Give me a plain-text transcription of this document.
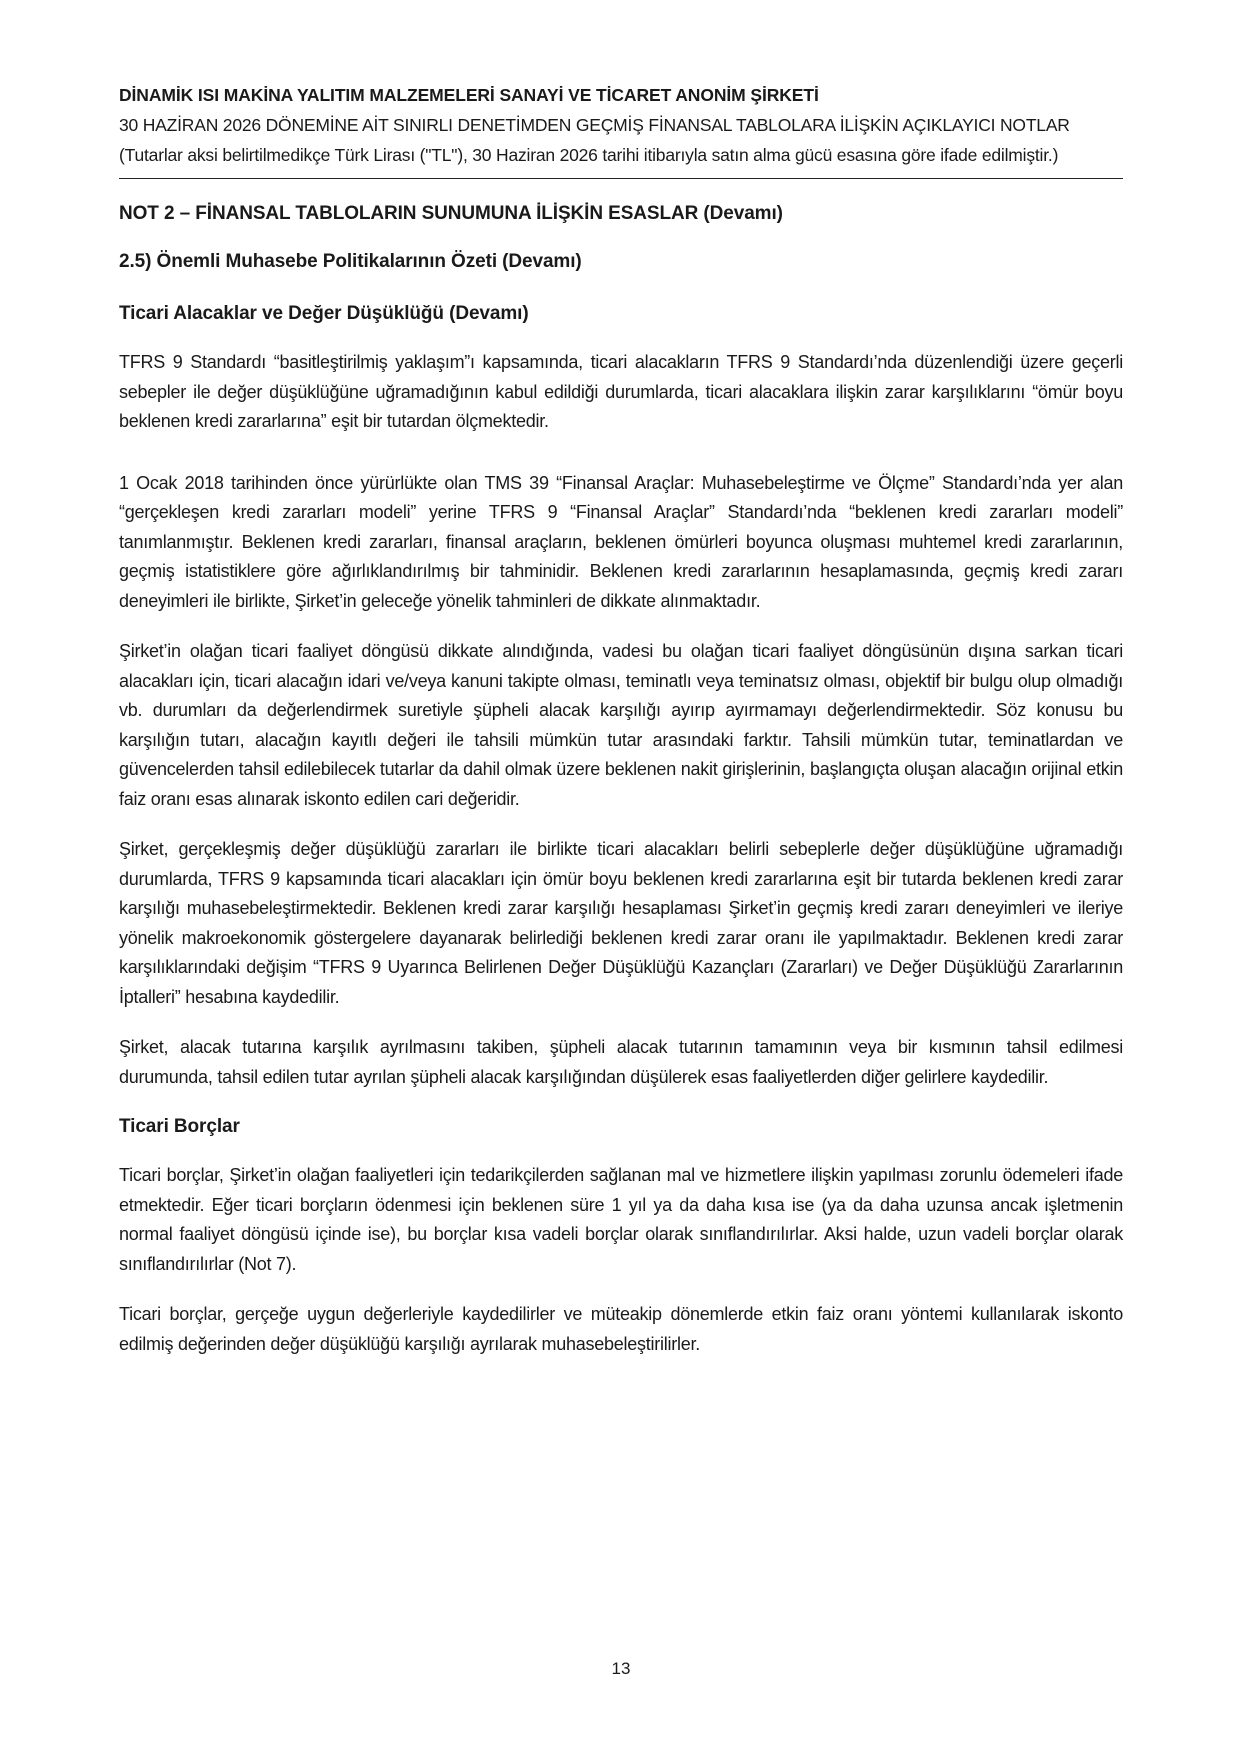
DİNAMİK ISI MAKİNA YALITIM MALZEMELERİ SANAYİ VE TİCARET ANONİM ŞİRKETİ
30 HAZİRAN 2026 DÖNEMİNE AİT SINIRLI DENETİMDEN GEÇMİŞ FİNANSAL TABLOLARA İLİŞKİN AÇIKLAYICI NOTLAR
(Tutarlar aksi belirtilmedikçe Türk Lirası ("TL"), 30 Haziran 2026 tarihi itibarıyla satın alma gücü esasına göre ifade edilmiştir.)
NOT 2 – FİNANSAL TABLOLARIN SUNUMUNA İLİŞKİN ESASLAR (Devamı)
2.5) Önemli Muhasebe Politikalarının Özeti (Devamı)
Ticari Alacaklar ve Değer Düşüklüğü (Devamı)

TFRS 9 Standardı “basitleştirilmiş yaklaşım”ı kapsamında, ticari alacakların TFRS 9 Standardı’nda düzenlendiği üzere geçerli sebepler ile değer düşüklüğüne uğramadığının kabul edildiği durumlarda, ticari alacaklara ilişkin zarar karşılıklarını “ömür boyu beklenen kredi zararlarına” eşit bir tutardan ölçmektedir.

1 Ocak 2018 tarihinden önce yürürlükte olan TMS 39 “Finansal Araçlar: Muhasebeleştirme ve Ölçme” Standardı’nda yer alan “gerçekleşen kredi zararları modeli” yerine TFRS 9 “Finansal Araçlar” Standardı’nda “beklenen kredi zararları modeli” tanımlanmıştır. Beklenen kredi zararları, finansal araçların, beklenen ömürleri boyunca oluşması muhtemel kredi zararlarının, geçmiş istatistiklere göre ağırlıklandırılmış bir tahminidir. Beklenen kredi zararlarının hesaplamasında, geçmiş kredi zararı deneyimleri ile birlikte, Şirket’in geleceğe yönelik tahminleri de dikkate alınmaktadır.

Şirket’in olağan ticari faaliyet döngüsü dikkate alındığında, vadesi bu olağan ticari faaliyet döngüsünün dışına sarkan ticari alacakları için, ticari alacağın idari ve/veya kanuni takipte olması, teminatlı veya teminatsız olması, objektif bir bulgu olup olmadığı vb. durumları da değerlendirmek suretiyle şüpheli alacak karşılığı ayırıp ayırmamayı değerlendirmektedir. Söz konusu bu karşılığın tutarı, alacağın kayıtlı değeri ile tahsili mümkün tutar arasındaki farktır. Tahsili mümkün tutar, teminatlardan ve güvencelerden tahsil edilebilecek tutarlar da dahil olmak üzere beklenen nakit girişlerinin, başlangıçta oluşan alacağın orijinal etkin faiz oranı esas alınarak iskonto edilen cari değeridir.

Şirket, gerçekleşmiş değer düşüklüğü zararları ile birlikte ticari alacakları belirli sebeplerle değer düşüklüğüne uğramadığı durumlarda, TFRS 9 kapsamında ticari alacakları için ömür boyu beklenen kredi zararlarına eşit bir tutarda beklenen kredi zarar karşılığı muhasebeleştirmektedir. Beklenen kredi zarar karşılığı hesaplaması Şirket’in geçmiş kredi zararı deneyimleri ve ileriye yönelik makroekonomik göstergelere dayanarak belirlediği beklenen kredi zarar oranı ile yapılmaktadır. Beklenen kredi zarar karşılıklarındaki değişim “TFRS 9 Uyarınca Belirlenen Değer Düşüklüğü Kazançları (Zararları) ve Değer Düşüklüğü Zararlarının İptalleri” hesabına kaydedilir.

Şirket, alacak tutarına karşılık ayrılmasını takiben, şüpheli alacak tutarının tamamının veya bir kısmının tahsil edilmesi durumunda, tahsil edilen tutar ayrılan şüpheli alacak karşılığından düşülerek esas faaliyetlerden diğer gelirlere kaydedilir.

Ticari Borçlar

Ticari borçlar, Şirket’in olağan faaliyetleri için tedarikçilerden sağlanan mal ve hizmetlere ilişkin yapılması zorunlu ödemeleri ifade etmektedir. Eğer ticari borçların ödenmesi için beklenen süre 1 yıl ya da daha kısa ise (ya da daha uzunsa ancak işletmenin normal faaliyet döngüsü içinde ise), bu borçlar kısa vadeli borçlar olarak sınıflandırılırlar. Aksi halde, uzun vadeli borçlar olarak sınıflandırılırlar (Not 7).

Ticari borçlar, gerçeğe uygun değerleriyle kaydedilirler ve müteakip dönemlerde etkin faiz oranı yöntemi kullanılarak iskonto edilmiş değerinden değer düşüklüğü karşılığı ayrılarak muhasebeleştirilirler.

13
